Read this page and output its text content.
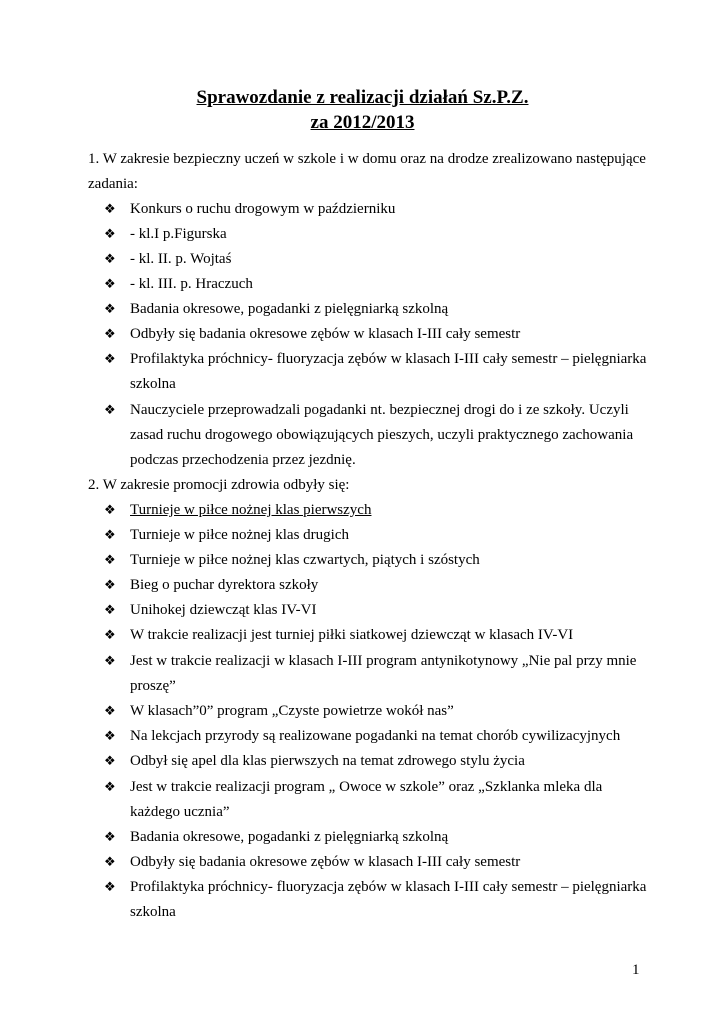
Sprawozdanie z realizacji działań Sz.P.Z.
za 2012/2013
1. W zakresie bezpieczny uczeń w szkole i w domu oraz na drodze zrealizowano następujące
zadania:
❖ Konkurs o ruchu drogowym w październiku
❖ - kl.I p.Figurska
❖ - kl. II. p. Wojtaś
❖ - kl. III. p. Hraczuch
❖ Badania okresowe, pogadanki z pielęgniarką szkolną
❖ Odbyły się badania okresowe zębów w klasach I-III cały semestr
❖ Profilaktyka próchnicy- fluoryzacja zębów w klasach I-III cały semestr – pielęgniarka
szkolna
❖ Nauczyciele przeprowadzali pogadanki nt. bezpiecznej drogi do i ze szkoły. Uczyli
zasad ruchu drogowego obowiązujących pieszych, uczyli praktycznego zachowania
podczas przechodzenia przez jezdnię.
2. W zakresie promocji zdrowia odbyły się:
❖ Turnieje w piłce nożnej klas pierwszych
❖ Turnieje w piłce nożnej klas drugich
❖ Turnieje w piłce nożnej klas czwartych, piątych i szóstych
❖ Bieg o puchar dyrektora szkoły
❖ Unihokej dziewcząt klas IV-VI
❖ W trakcie realizacji jest turniej piłki siatkowej dziewcząt w klasach IV-VI
❖ Jest w trakcie realizacji w klasach I-III program antynikotynowy „Nie pal przy mnie
proszę”
❖ W klasach”0” program „Czyste powietrze wokół nas”
❖ Na lekcjach przyrody są realizowane pogadanki na temat chorób cywilizacyjnych
❖ Odbył się apel dla klas pierwszych na temat zdrowego stylu życia
❖ Jest w trakcie realizacji program „ Owoce w szkole” oraz „Szklanka mleka dla
każdego ucznia”
❖ Badania okresowe, pogadanki z pielęgniarką szkolną
❖ Odbyły się badania okresowe zębów w klasach I-III cały semestr
❖ Profilaktyka próchnicy- fluoryzacja zębów w klasach I-III cały semestr – pielęgniarka
szkolna
1
